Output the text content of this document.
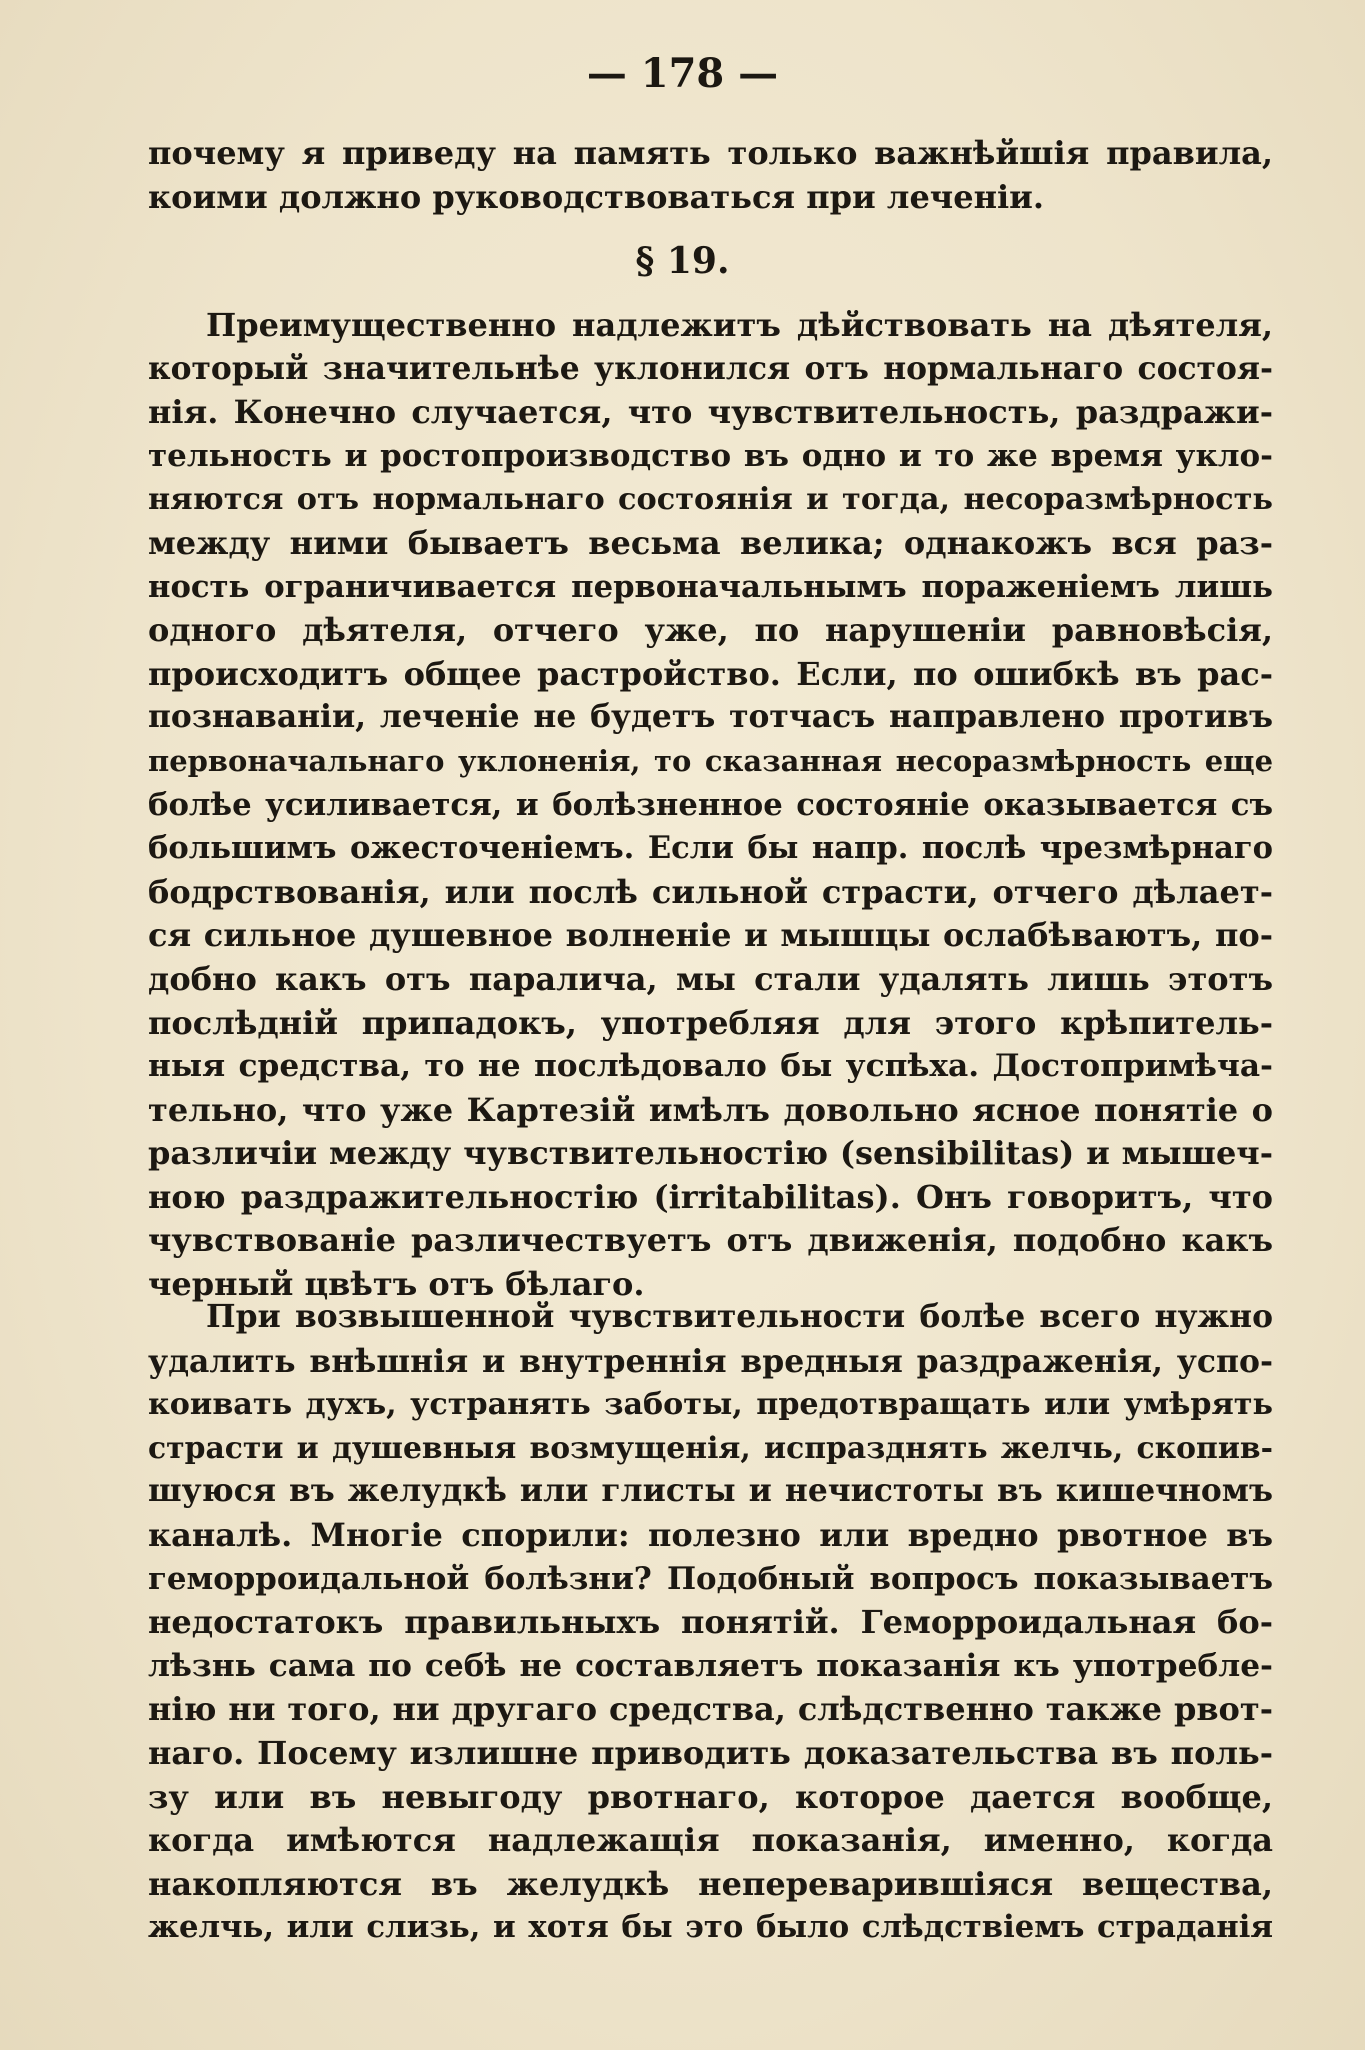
— 178 —
почему я приведу на память только важнѣйшія правила,
коими должно руководствоваться при леченіи.
§ 19.
Преимущественно надлежитъ дѣйствовать на дѣятеля,
который значительнѣе уклонился отъ нормальнаго состоя-
нія. Конечно случается, что чувствительность, раздражи-
тельность и ростопроизводство въ одно и то же время укло-
няются отъ нормальнаго состоянія и тогда, несоразмѣрность
между ними бываетъ весьма велика; однакожъ вся раз-
ность ограничивается первоначальнымъ пораженіемъ лишь
одного дѣятеля, отчего уже, по нарушеніи равновѣсія,
происходитъ общее растройство. Если, по ошибкѣ въ рас-
познаваніи, леченіе не будетъ тотчасъ направлено противъ
первоначальнаго уклоненія, то сказанная несоразмѣрность еще
болѣе усиливается, и болѣзненное состояніе оказывается съ
большимъ ожесточеніемъ. Если бы напр. послѣ чрезмѣрнаго
бодрствованія, или послѣ сильной страсти, отчего дѣлает-
ся сильное душевное волненіе и мышцы ослабѣваютъ, по-
добно какъ отъ паралича, мы стали удалять лишь этотъ
послѣдній припадокъ, употребляя для этого крѣпитель-
ныя средства, то не послѣдовало бы успѣха. Достопримѣча-
тельно, что уже Картезій имѣлъ довольно ясное понятіе о
различіи между чувствительностію (sensibilitas) и мышеч-
ною раздражительностію (irritabilitas). Онъ говоритъ, что
чувствованіе различествуетъ отъ движенія, подобно какъ
черный цвѣтъ отъ бѣлаго.
При возвышенной чувствительности болѣе всего нужно
удалить внѣшнія и внутреннія вредныя раздраженія, успо-
коивать духъ, устранять заботы, предотвращать или умѣрять
страсти и душевныя возмущенія, испразднять желчь, скопив-
шуюся въ желудкѣ или глисты и нечистоты въ кишечномъ
каналѣ. Многіе спорили: полезно или вредно рвотное въ
геморроидальной болѣзни? Подобный вопросъ показываетъ
недостатокъ правильныхъ понятій. Геморроидальная бо-
лѣзнь сама по себѣ не составляетъ показанія къ употребле-
нію ни того, ни другаго средства, слѣдственно также рвот-
наго. Посему излишне приводить доказательства въ поль-
зу или въ невыгоду рвотнаго, которое дается вообще,
когда имѣются надлежащія показанія, именно, когда
накопляются въ желудкѣ непереварившіяся вещества,
желчь, или слизь, и хотя бы это было слѣдствіемъ страданія
